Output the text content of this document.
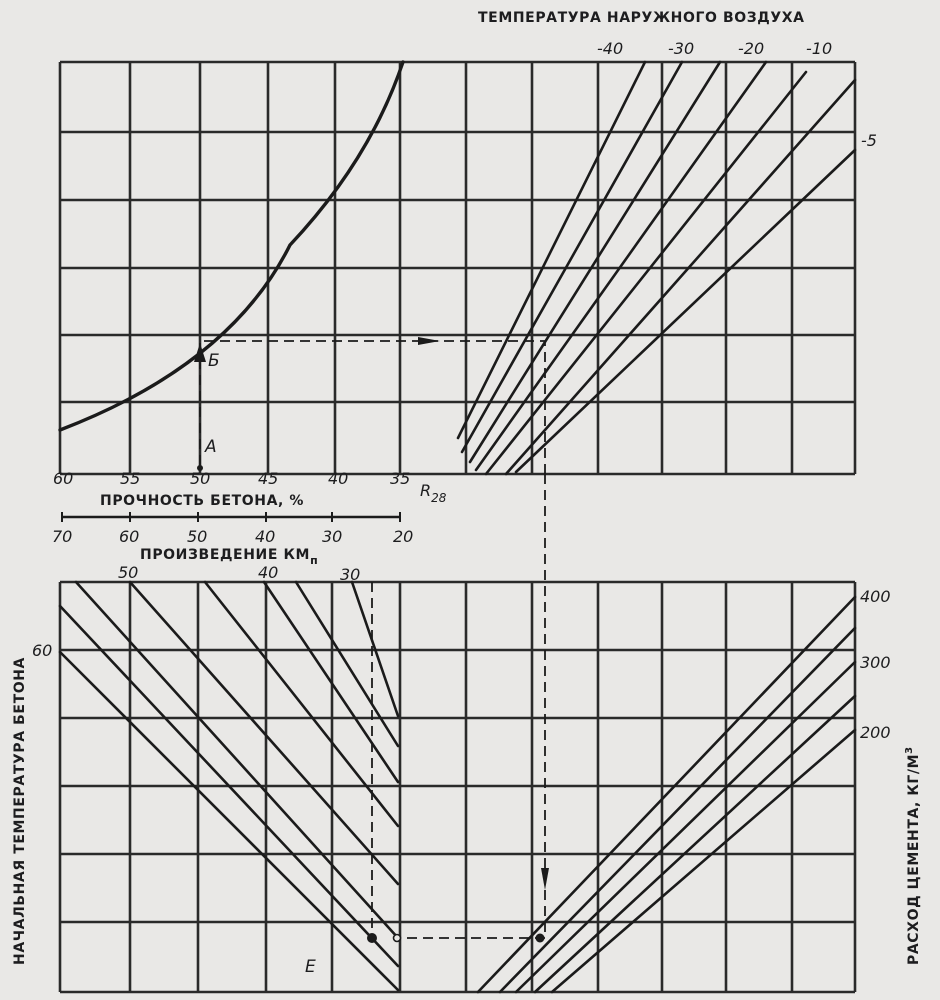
Б
А
ТЕМПЕРАТУРА НАРУЖНОГО ВОЗДУХА
-40	-30	-20	-10
-5
60	55	50	45	40	35
$R_{28}$
ПРОЧНОСТЬ БЕТОНА, %
70	60	50	40	30	20
ПРОИЗВЕДЕНИЕ $КМ_п$
Е
50	40	30
60
НАЧАЛЬНАЯ ТЕМПЕРАТУРА БЕТОНА
400
300
200
РАСХОД ЦЕМЕНТА, $КГ/М^3$
